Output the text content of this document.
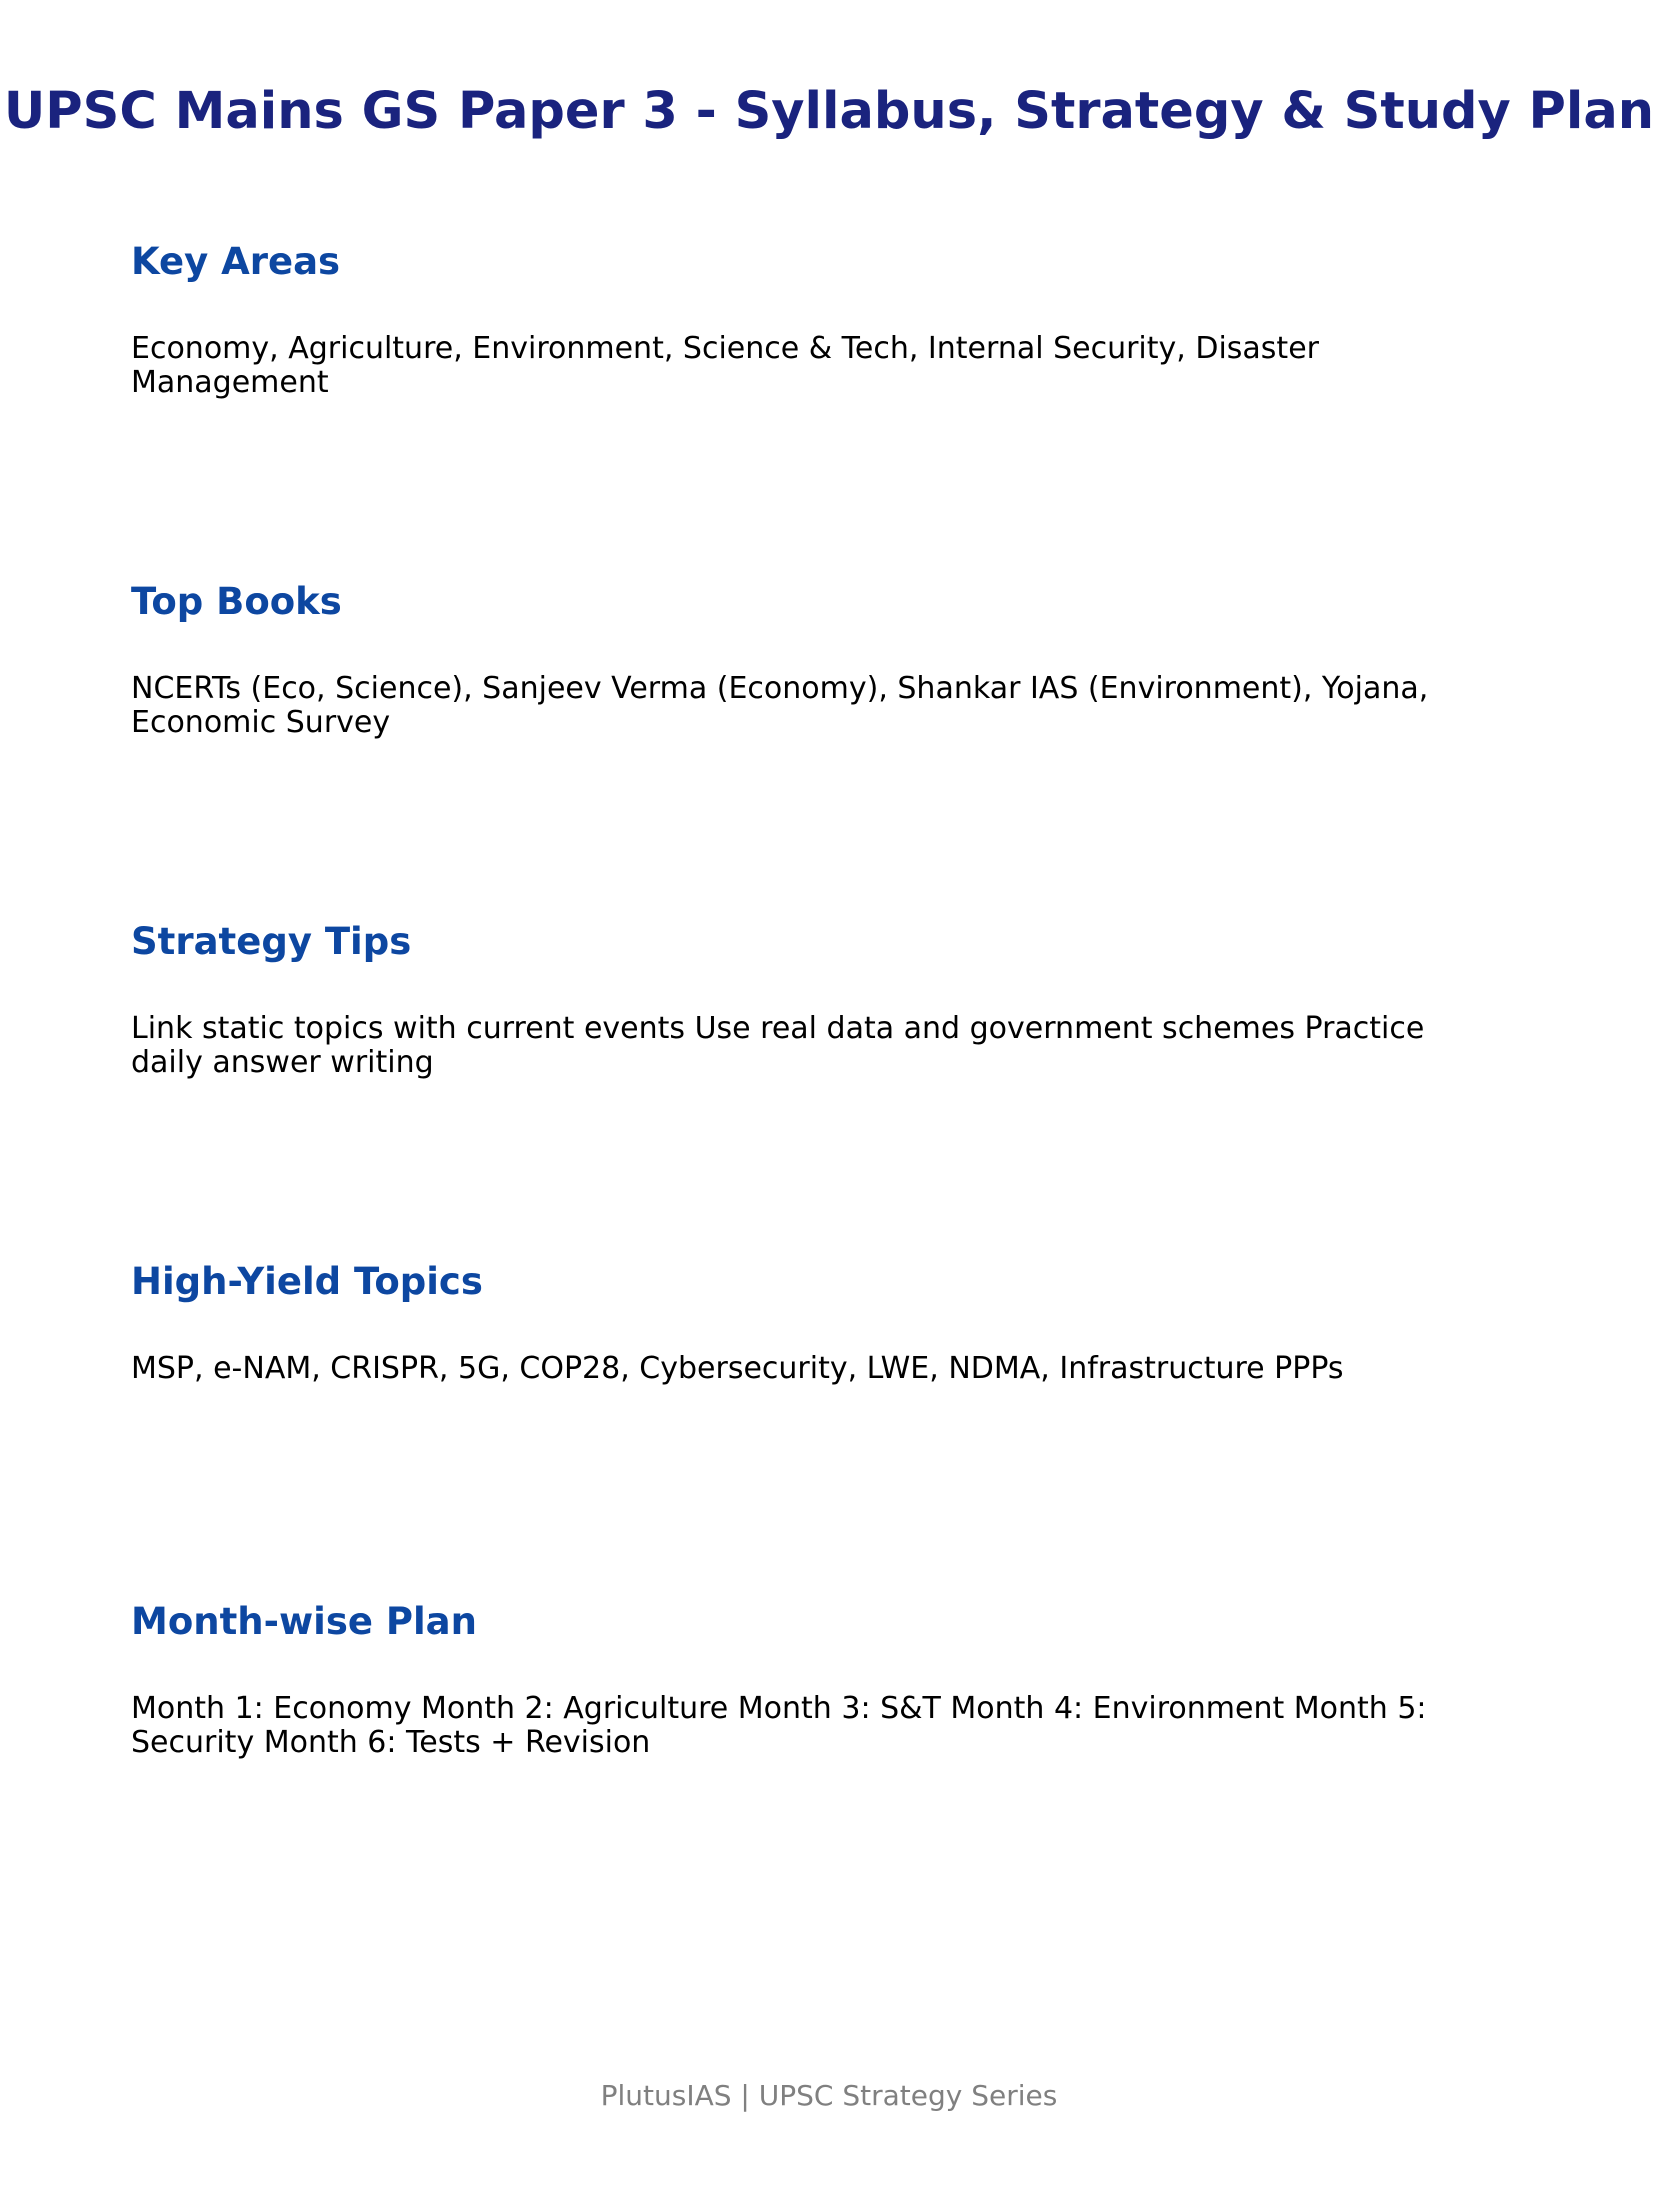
UPSC Mains GS Paper 3 - Syllabus, Strategy & Study Plan
Key Areas

Economy, Agriculture, Environment, Science & Tech, Internal Security, Disaster Management

Top Books

NCERTs (Eco, Science), Sanjeev Verma (Economy), Shankar IAS (Environment), Yojana, Economic Survey

Strategy Tips

Link static topics with current events Use real data and government schemes Practice daily answer writing

High-Yield Topics

MSP, e-NAM, CRISPR, 5G, COP28, Cybersecurity, LWE, NDMA, Infrastructure PPPs

Month-wise Plan

Month 1: Economy Month 2: Agriculture Month 3: S&T Month 4: Environment Month 5: Security Month 6: Tests + Revision

PlutusIAS | UPSC Strategy Series
